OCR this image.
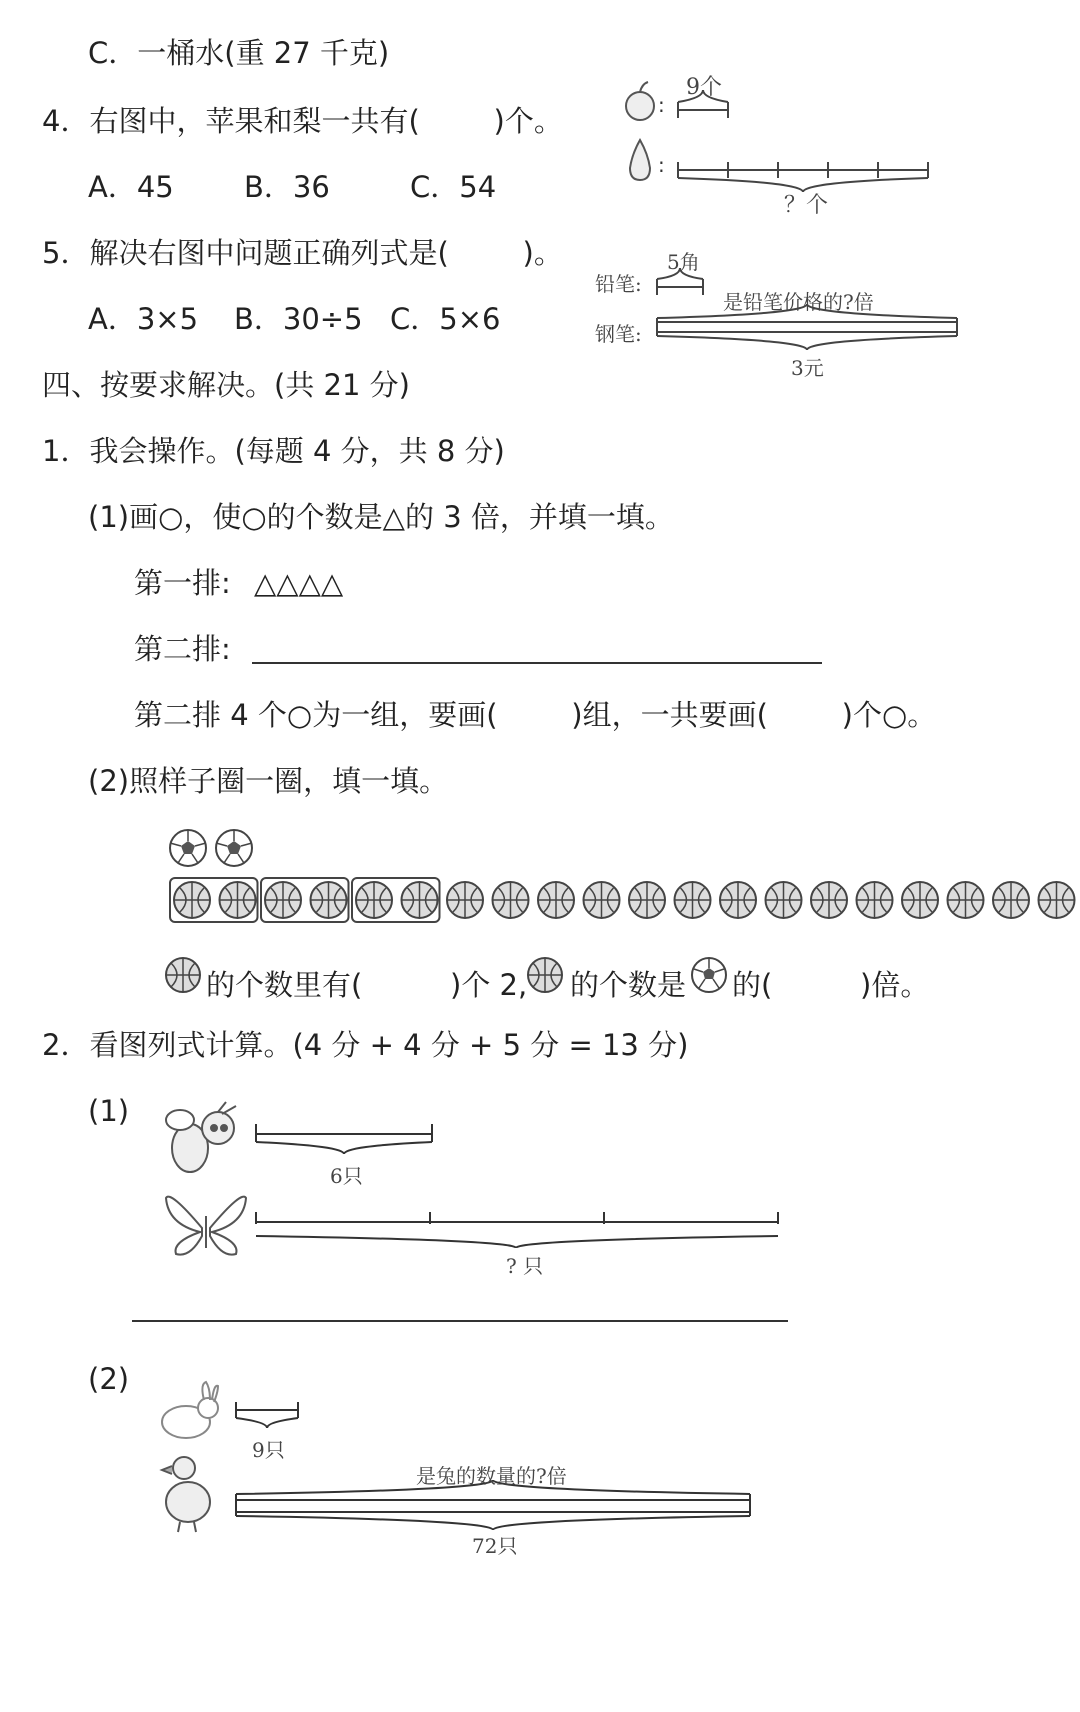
C．一桶水(重 27 千克)
4．右图中，苹果和梨一共有(        )个。
A．45 B．36	C．54
:
:
9个
？个
5．解决右图中问题正确列式是(        )。
A．3×5 B．30÷5 C．5×6
铅笔:
钢笔:
5角
是铅笔价格的?倍
3元
四、按要求解决。(共 21 分)
1．我会操作。(每题 4 分，共 8 分)
(1)画○，使○的个数是△的 3 倍，并填一填。
第一排: △△△△
第二排:
第二排 4 个○为一组，要画(        )组，一共要画(        )个○。
(2)照样子圈一圈，填一填。
的个数里有(	)个 2, 的个数是 的(	)倍。
2．看图列式计算。(4 分 + 4 分 + 5 分 = 13 分)
(1)
6只
? 只
(2)
9只
是兔的数量的?倍
72只
